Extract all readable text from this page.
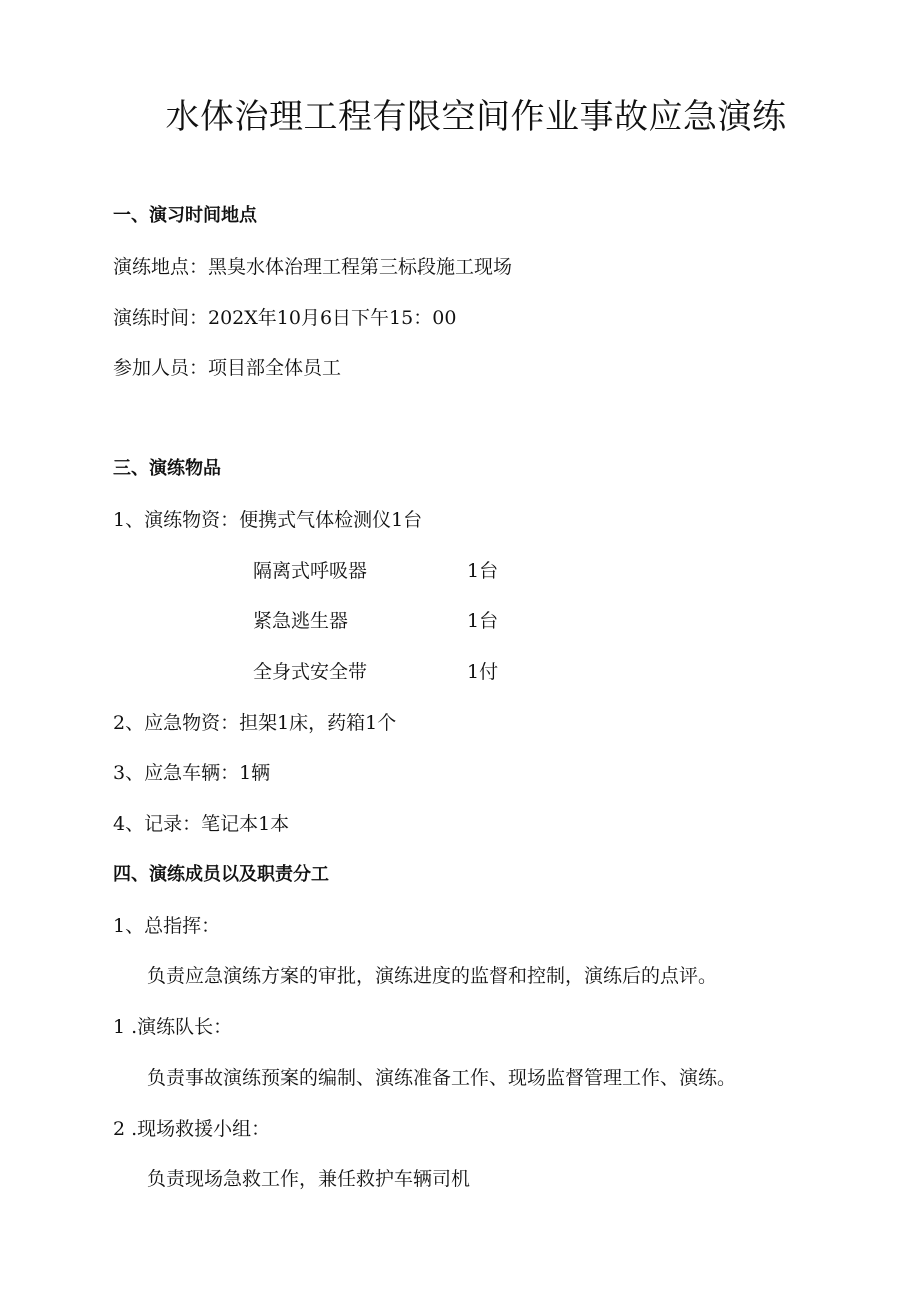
水体治理工程有限空间作业事故应急演练
一、演习时间地点
演练地点：黑臭水体治理工程第三标段施工现场
演练时间：202X年10月6日下午15：00
参加人员：项目部全体员工
三、演练物品
1、演练物资：便携式气体检测仪1台
隔离式呼吸器	1台
紧急逃生器	1台
全身式安全带	1付
2、应急物资：担架1床，药箱1个
3、应急车辆：1辆
4、记录：笔记本1本
四、演练成员以及职责分工
1、总指挥：
负责应急演练方案的审批，演练进度的监督和控制，演练后的点评。
1 .演练队长：
负责事故演练预案的编制、演练准备工作、现场监督管理工作、演练。
2 .现场救援小组：
负责现场急救工作，兼任救护车辆司机
